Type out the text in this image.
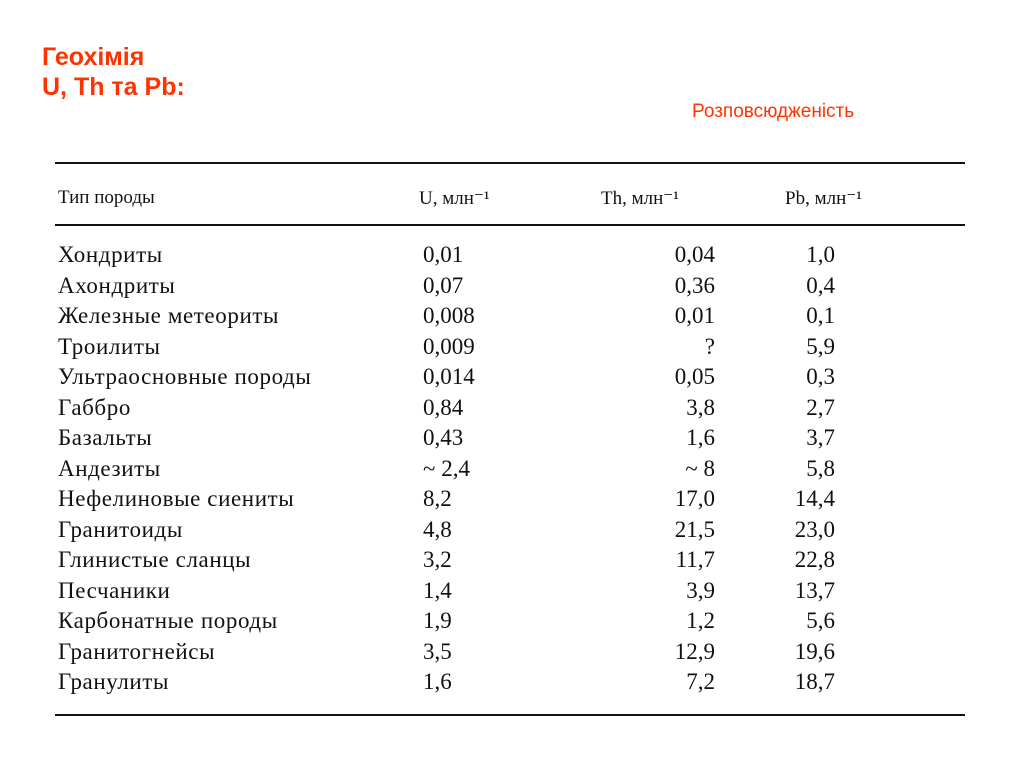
Геохімія
U, Th та Pb:
Розповсюдженість
Тип породы	U, млн⁻¹	Th, млн⁻¹	Pb, млн⁻¹
Хондриты	0,01	0,04	1,0
Ахондриты	0,07	0,36	0,4
Железные метеориты	0,008	0,01	0,1
Троилиты	0,009	?	5,9
Ультраосновные породы	0,014	0,05	0,3
Габбро	0,84	3,8	2,7
Базальты	0,43	1,6	3,7
Андезиты	~ 2,4	~ 8	5,8
Нефелиновые сиениты	8,2	17,0	14,4
Гранитоиды	4,8	21,5	23,0
Глинистые сланцы	3,2	11,7	22,8
Песчаники	1,4	3,9	13,7
Карбонатные породы	1,9	1,2	5,6
Гранитогнейсы	3,5	12,9	19,6
Гранулиты	1,6	7,2	18,7
